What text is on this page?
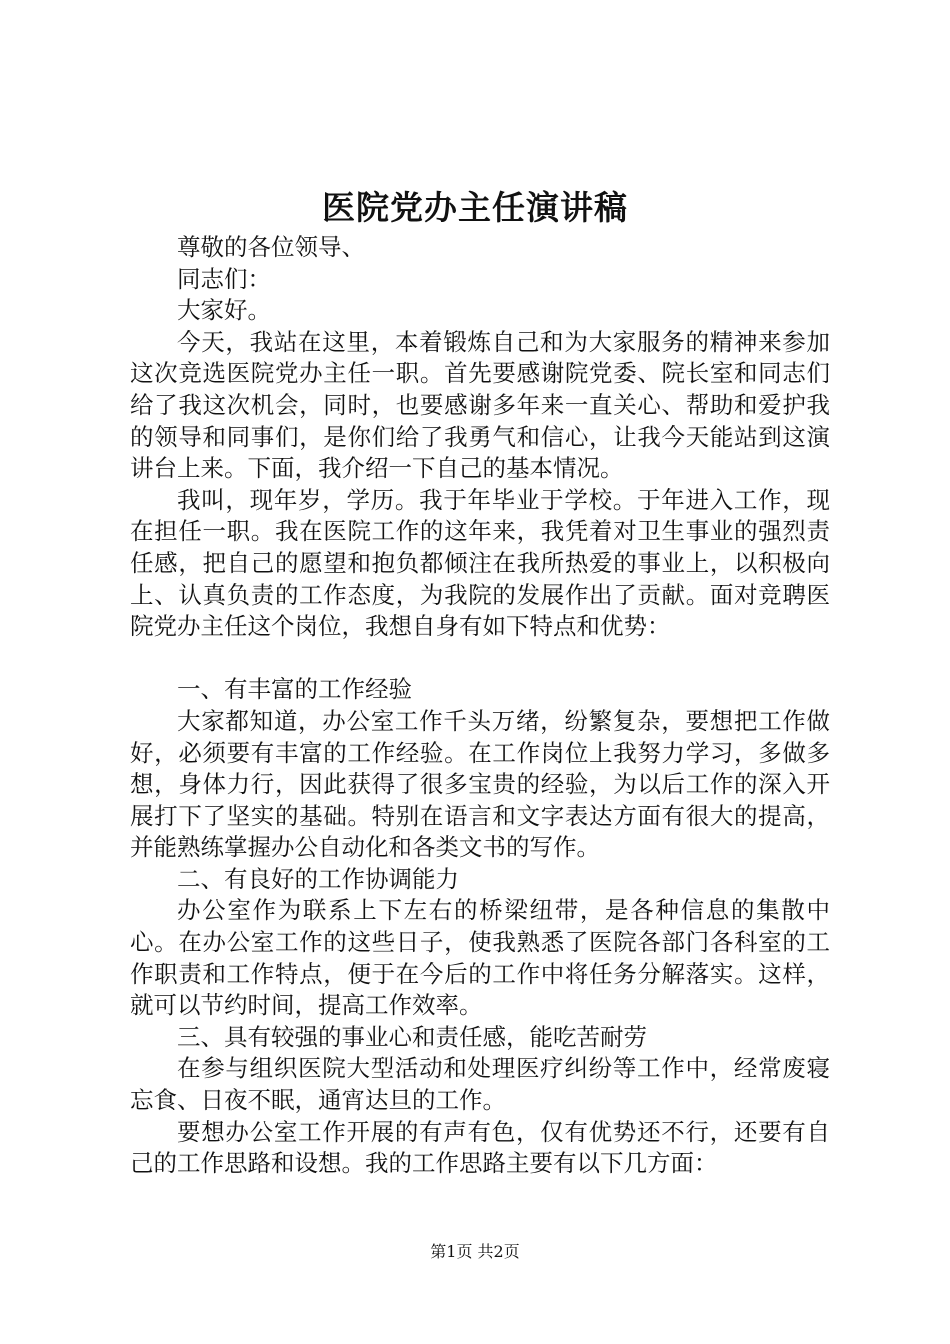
医院党办主任演讲稿

尊敬的各位领导、

同志们：

大家好。

今天，我站在这里，本着锻炼自己和为大家服务的精神来参加这次竞选医院党办主任一职。首先要感谢院党委、院长室和同志们给了我这次机会，同时，也要感谢多年来一直关心、帮助和爱护我的领导和同事们，是你们给了我勇气和信心，让我今天能站到这演讲台上来。下面，我介绍一下自己的基本情况。

我叫，现年岁，学历。我于年毕业于学校。于年进入工作，现在担任一职。我在医院工作的这年来，我凭着对卫生事业的强烈责任感，把自己的愿望和抱负都倾注在我所热爱的事业上，以积极向上、认真负责的工作态度，为我院的发展作出了贡献。面对竞聘医院党办主任这个岗位，我想自身有如下特点和优势：

一、有丰富的工作经验

大家都知道，办公室工作千头万绪，纷繁复杂，要想把工作做好，必须要有丰富的工作经验。在工作岗位上我努力学习，多做多想，身体力行，因此获得了很多宝贵的经验，为以后工作的深入开展打下了坚实的基础。特别在语言和文字表达方面有很大的提高，并能熟练掌握办公自动化和各类文书的写作。

二、有良好的工作协调能力

办公室作为联系上下左右的桥梁纽带，是各种信息的集散中心。在办公室工作的这些日子，使我熟悉了医院各部门各科室的工作职责和工作特点，便于在今后的工作中将任务分解落实。这样，就可以节约时间，提高工作效率。

三、具有较强的事业心和责任感，能吃苦耐劳

在参与组织医院大型活动和处理医疗纠纷等工作中，经常废寝忘食、日夜不眠，通宵达旦的工作。

要想办公室工作开展的有声有色，仅有优势还不行，还要有自己的工作思路和设想。我的工作思路主要有以下几方面：

第1页 共2页
